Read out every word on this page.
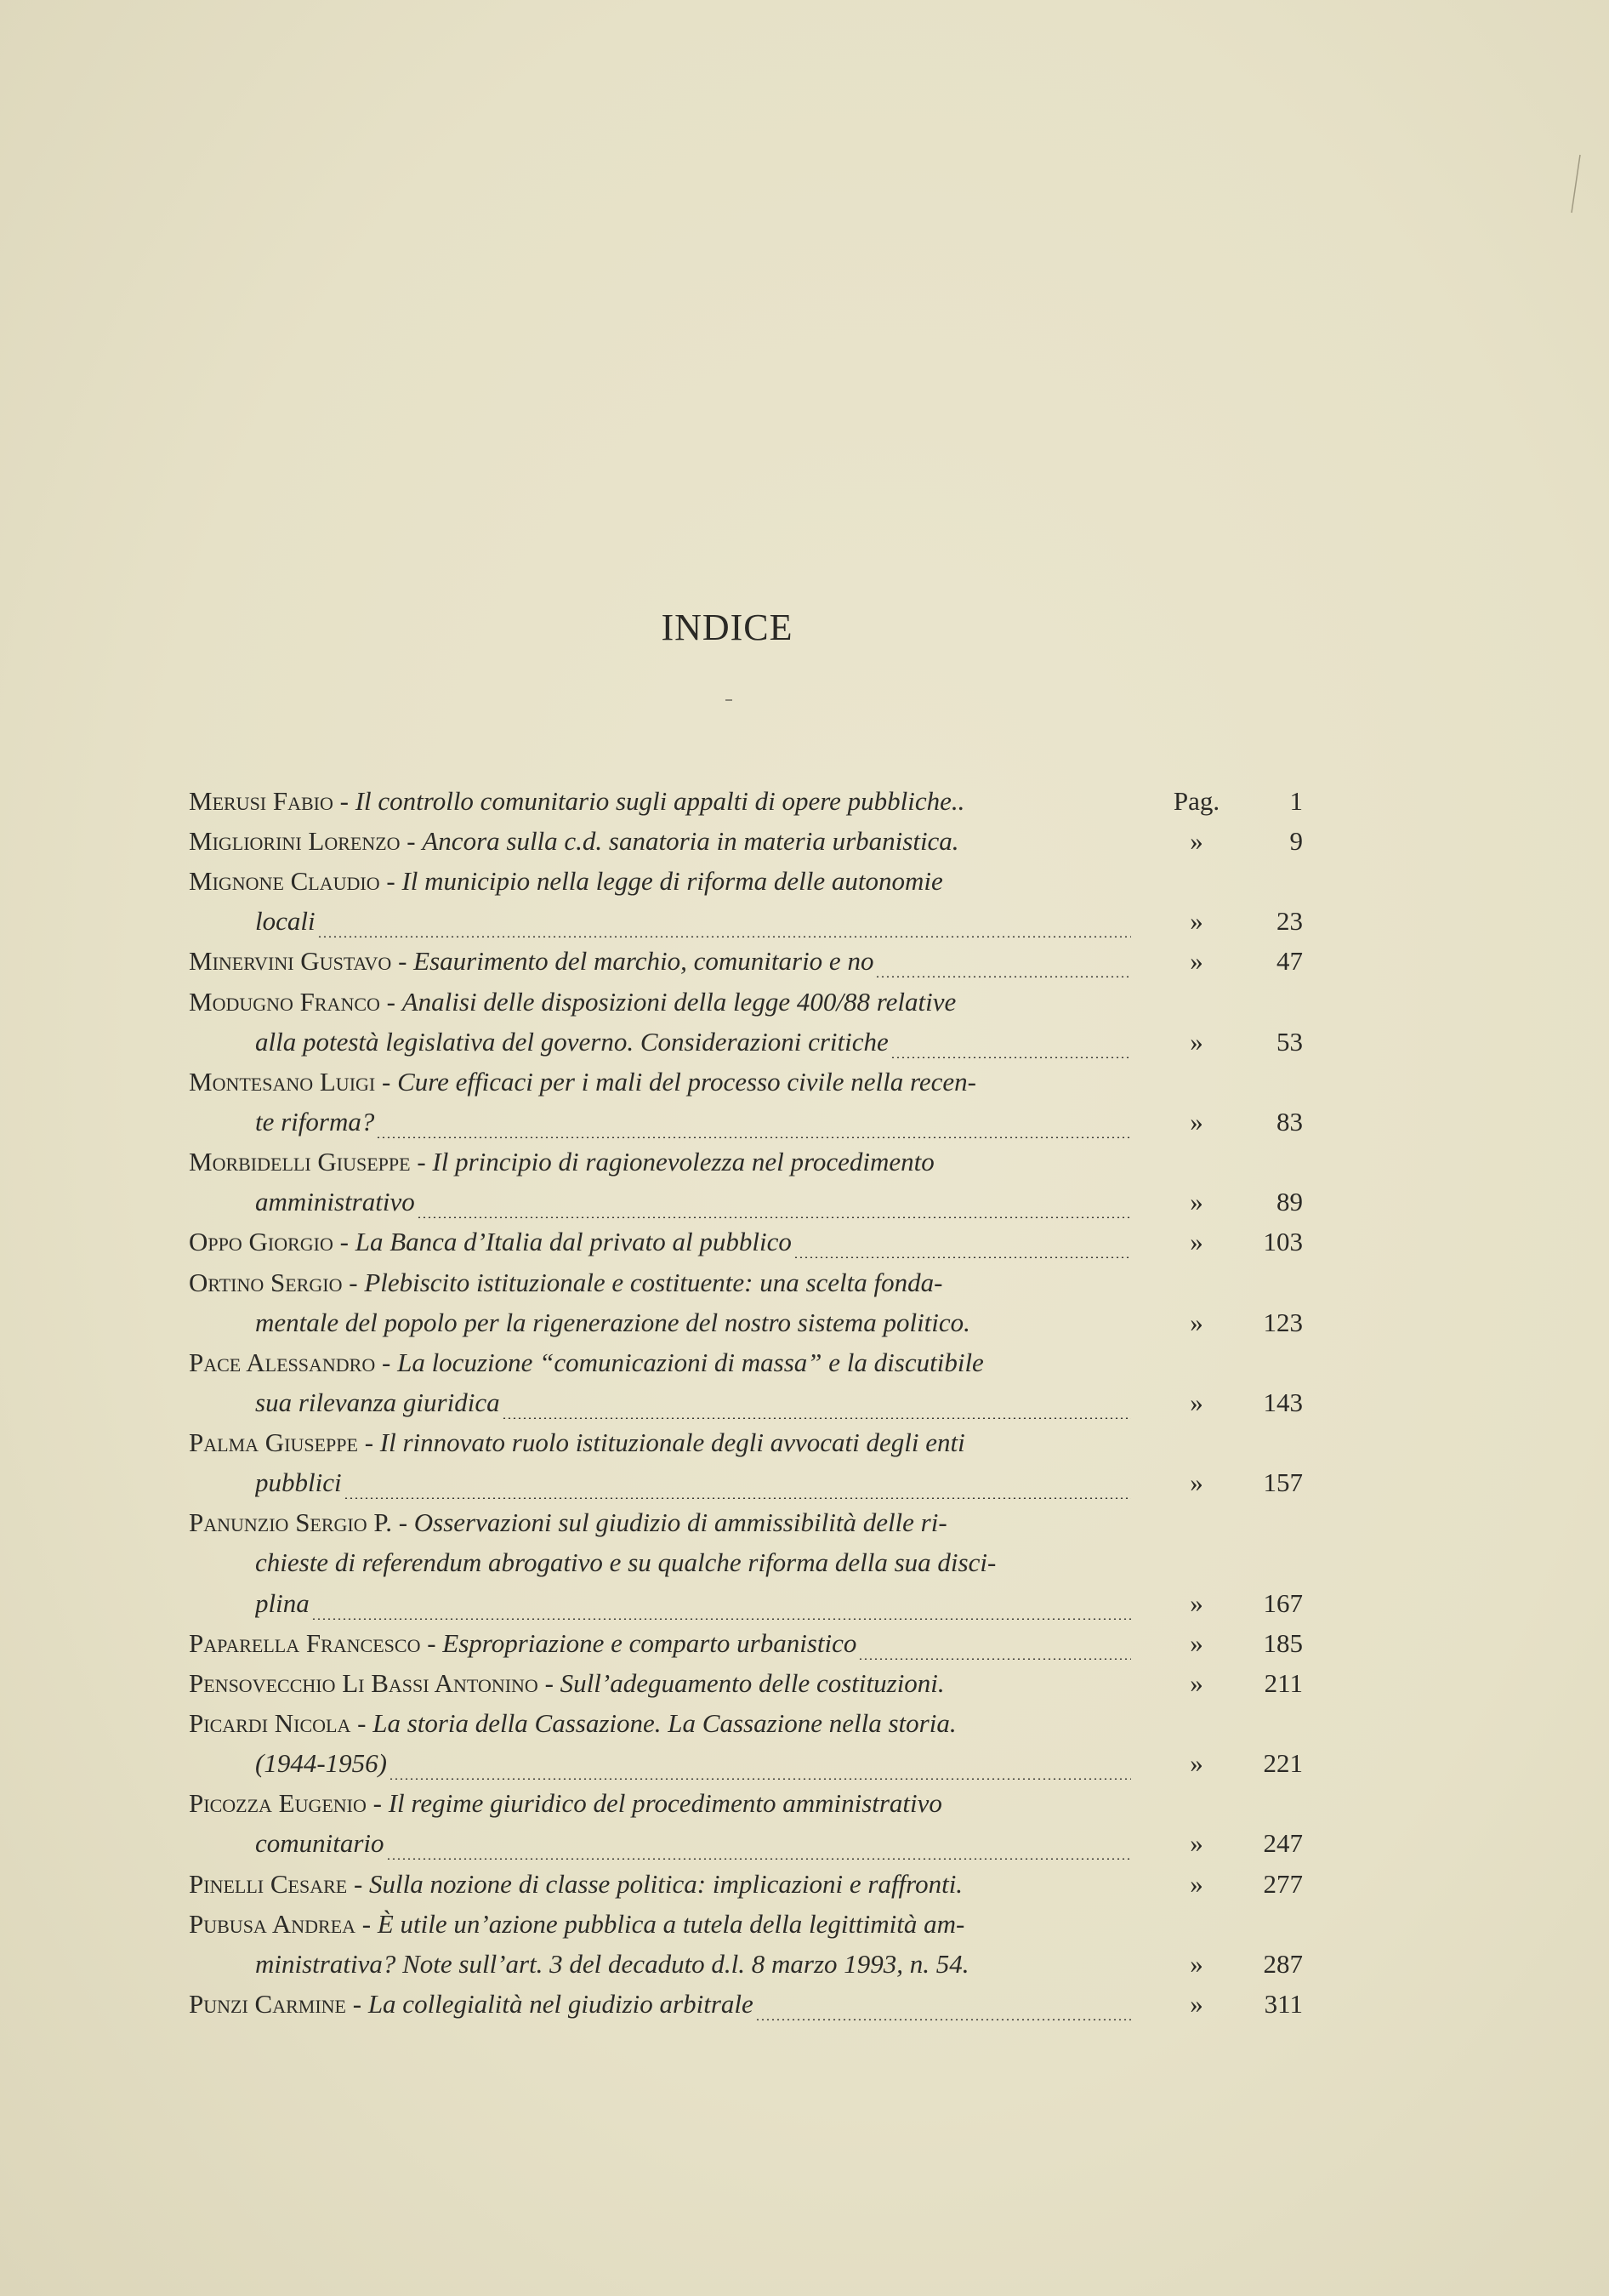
INDICE
Merusi Fabio - Il controllo comunitario sugli appalti di opere pubbliche..	Pag.	1
Migliorini Lorenzo - Ancora sulla c.d. sanatoria in materia urbanistica.	»	9
Mignone Claudio - Il municipio nella legge di riforma delle autonomie
locali	»	23
Minervini Gustavo - Esaurimento del marchio, comunitario e no	»	47
Modugno Franco - Analisi delle disposizioni della legge 400/88 relative
alla potestà legislativa del governo. Considerazioni critiche	»	53
Montesano Luigi - Cure efficaci per i mali del processo civile nella recen-
te riforma?	»	83
Morbidelli Giuseppe - Il principio di ragionevolezza nel procedimento
amministrativo	»	89
Oppo Giorgio - La Banca d’Italia dal privato al pubblico	»	103
Ortino Sergio - Plebiscito istituzionale e costituente: una scelta fonda-
mentale del popolo per la rigenerazione del nostro sistema politico.	»	123
Pace Alessandro - La locuzione “comunicazioni di massa” e la discutibile
sua rilevanza giuridica	»	143
Palma Giuseppe - Il rinnovato ruolo istituzionale degli avvocati degli enti
pubblici	»	157
Panunzio Sergio P. - Osservazioni sul giudizio di ammissibilità delle ri-
chieste di referendum abrogativo e su qualche riforma della sua disci-
plina	»	167
Paparella Francesco - Espropriazione e comparto urbanistico	»	185
Pensovecchio Li Bassi Antonino - Sull’adeguamento delle costituzioni.	»	211
Picardi Nicola - La storia della Cassazione. La Cassazione nella storia.
(1944-1956)	»	221
Picozza Eugenio - Il regime giuridico del procedimento amministrativo
comunitario	»	247
Pinelli Cesare - Sulla nozione di classe politica: implicazioni e raffronti.	»	277
Pubusa Andrea - È utile un’azione pubblica a tutela della legittimità am-
ministrativa? Note sull’art. 3 del decaduto d.l. 8 marzo 1993, n. 54.	»	287
Punzi Carmine - La collegialità nel giudizio arbitrale	»	311
